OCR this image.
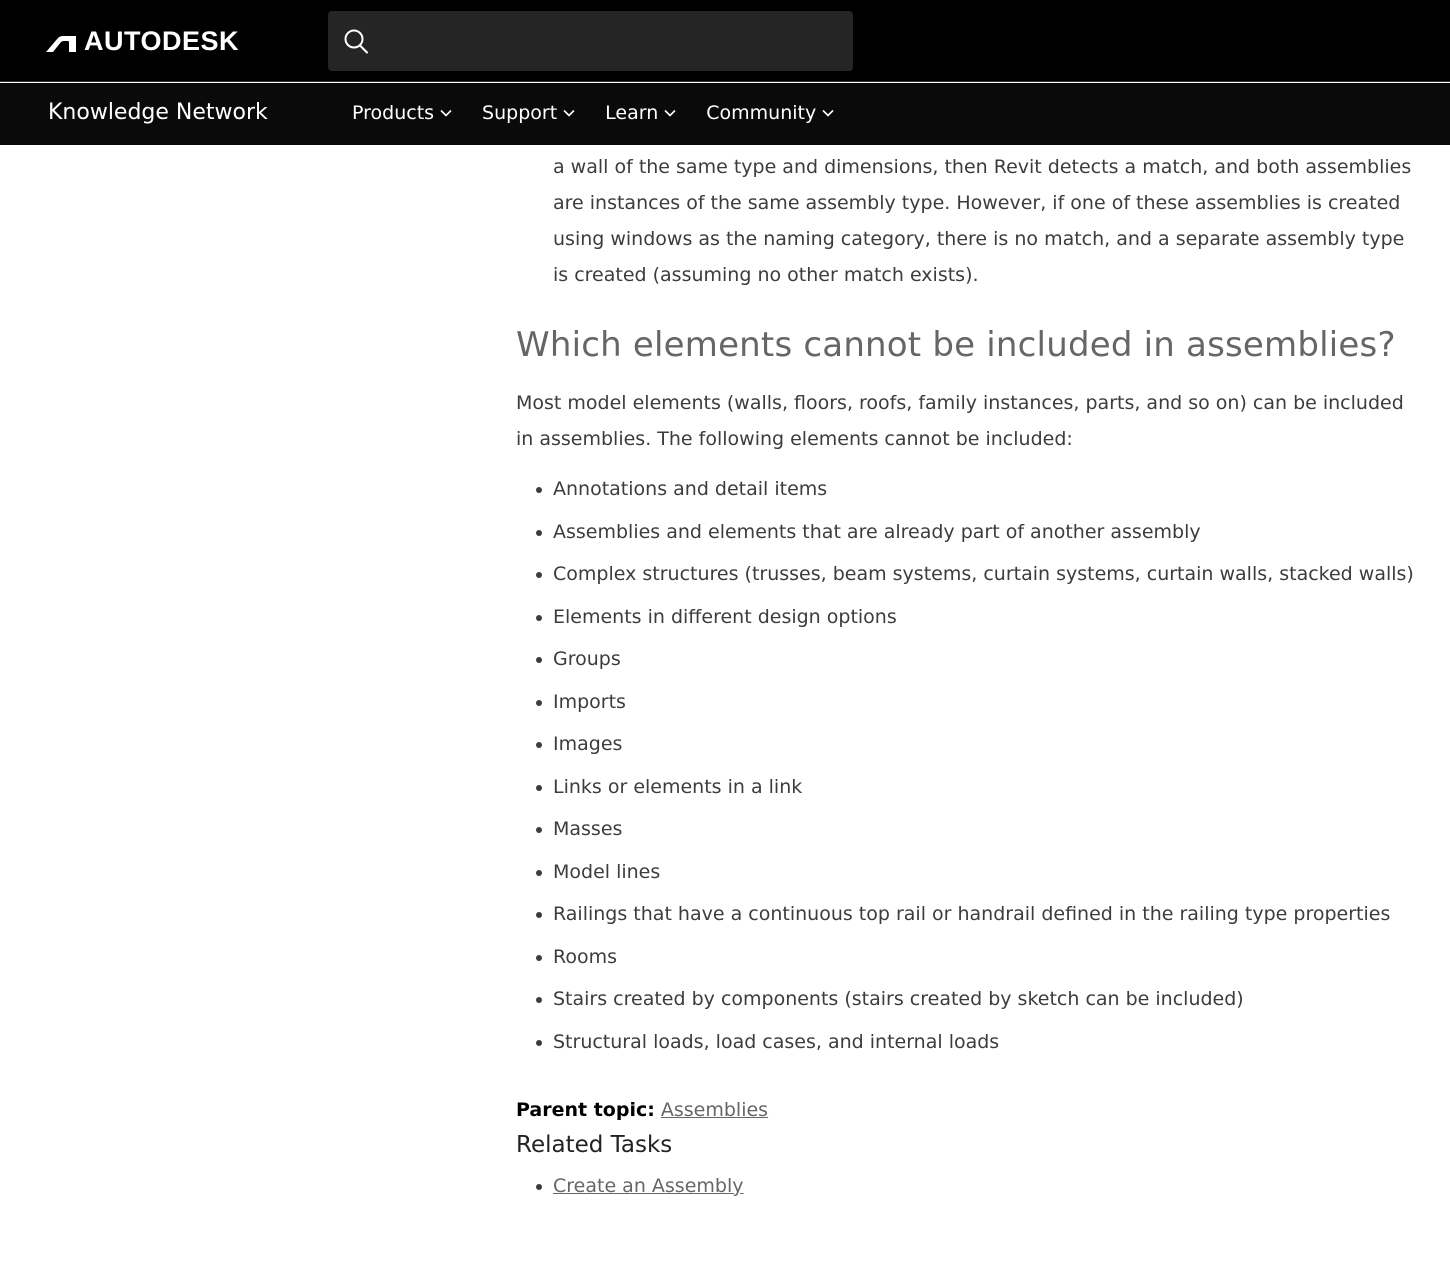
AUTODESK
Knowledge Network	Products	Support	Learn	Community

a wall of the same type and dimensions, then Revit detects a match, and both assemblies are instances of the same assembly type. However, if one of these assemblies is created using windows as the naming category, there is no match, and a separate assembly type is created (assuming no other match exists).

Which elements cannot be included in assemblies?

Most model elements (walls, floors, roofs, family instances, parts, and so on) can be included in assemblies. The following elements cannot be included:

Annotations and detail items
Assemblies and elements that are already part of another assembly
Complex structures (trusses, beam systems, curtain systems, curtain walls, stacked walls)
Elements in different design options
Groups
Imports
Images
Links or elements in a link
Masses
Model lines
Railings that have a continuous top rail or handrail defined in the railing type properties
Rooms
Stairs created by components (stairs created by sketch can be included)
Structural loads, load cases, and internal loads
Parent topic: Assemblies
Related Tasks
Create an Assembly
